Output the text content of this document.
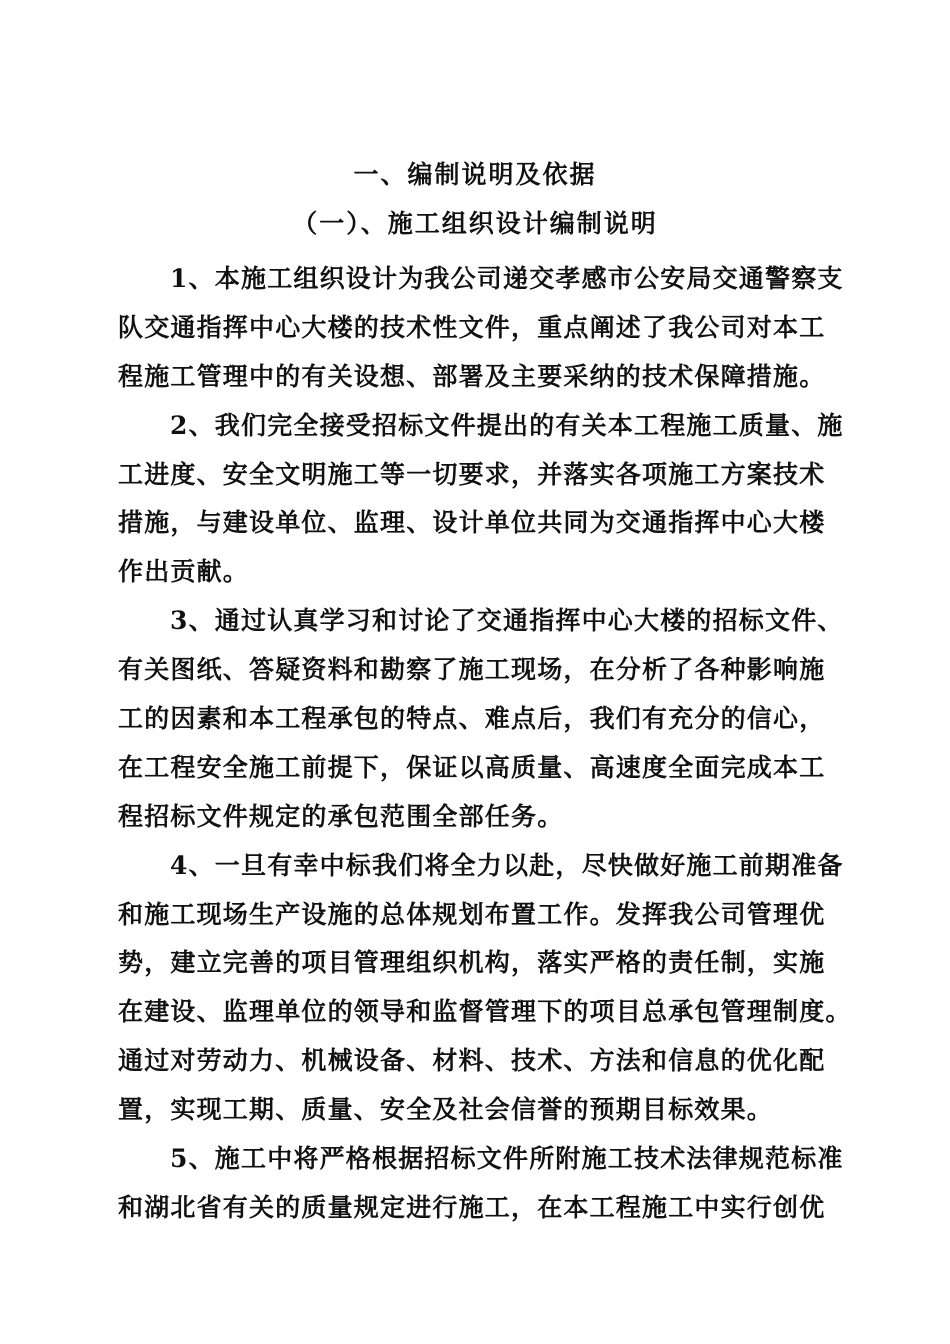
一、编制说明及依据
（一）、施工组织设计编制说明
1、本施工组织设计为我公司递交孝感市公安局交通警察支
队交通指挥中心大楼的技术性文件，重点阐述了我公司对本工
程施工管理中的有关设想、部署及主要采纳的技术保障措施。
2、我们完全接受招标文件提出的有关本工程施工质量、施
工进度、安全文明施工等一切要求，并落实各项施工方案技术
措施，与建设单位、监理、设计单位共同为交通指挥中心大楼
作出贡献。
3、通过认真学习和讨论了交通指挥中心大楼的招标文件、
有关图纸、答疑资料和勘察了施工现场，在分析了各种影响施
工的因素和本工程承包的特点、难点后，我们有充分的信心，
在工程安全施工前提下，保证以高质量、高速度全面完成本工
程招标文件规定的承包范围全部任务。
4、一旦有幸中标我们将全力以赴，尽快做好施工前期准备
和施工现场生产设施的总体规划布置工作。发挥我公司管理优
势，建立完善的项目管理组织机构，落实严格的责任制，实施
在建设、监理单位的领导和监督管理下的项目总承包管理制度。
通过对劳动力、机械设备、材料、技术、方法和信息的优化配
置，实现工期、质量、安全及社会信誉的预期目标效果。
5、施工中将严格根据招标文件所附施工技术法律规范标准
和湖北省有关的质量规定进行施工，在本工程施工中实行创优
